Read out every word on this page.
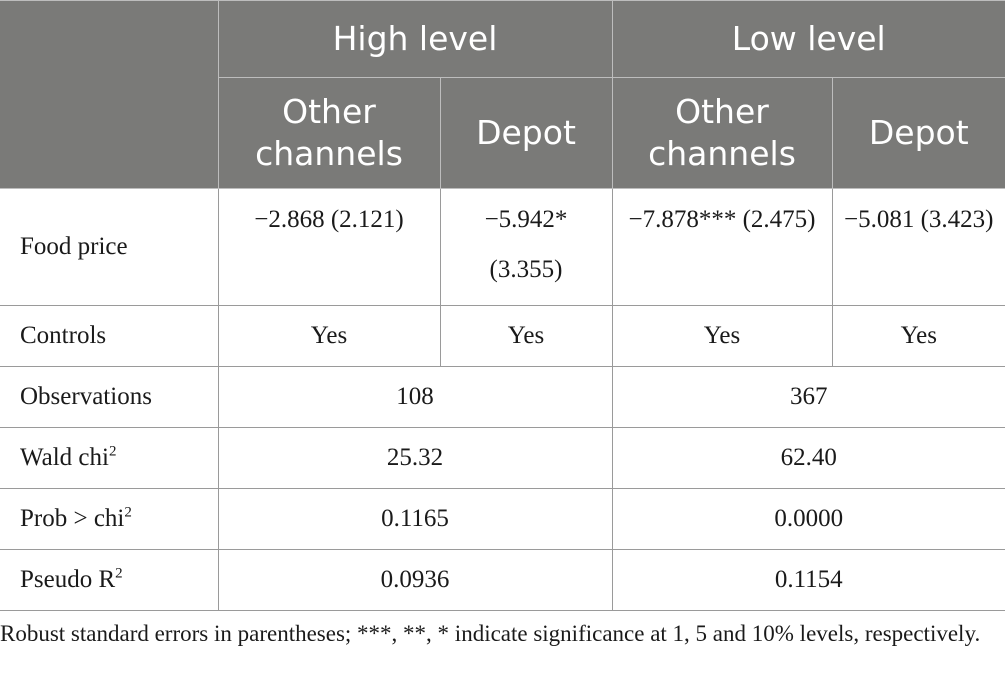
	High level		Low level	
	Other channels	Depot	Other channels	Depot
Food price	−2.868 (2.121)	−5.942* (3.355)	−7.878*** (2.475)	−5.081 (3.423)
Controls	Yes	Yes	Yes	Yes
Observations	108		367	
Wald chi$^2$	25.32		62.40	
Prob > chi$^2$	0.1165		0.0000	
Pseudo $R^2$	0.0936		0.1154	
Robust standard errors in parentheses; ***, **, * indicate significance at 1, 5 and 10% levels, respectively.
